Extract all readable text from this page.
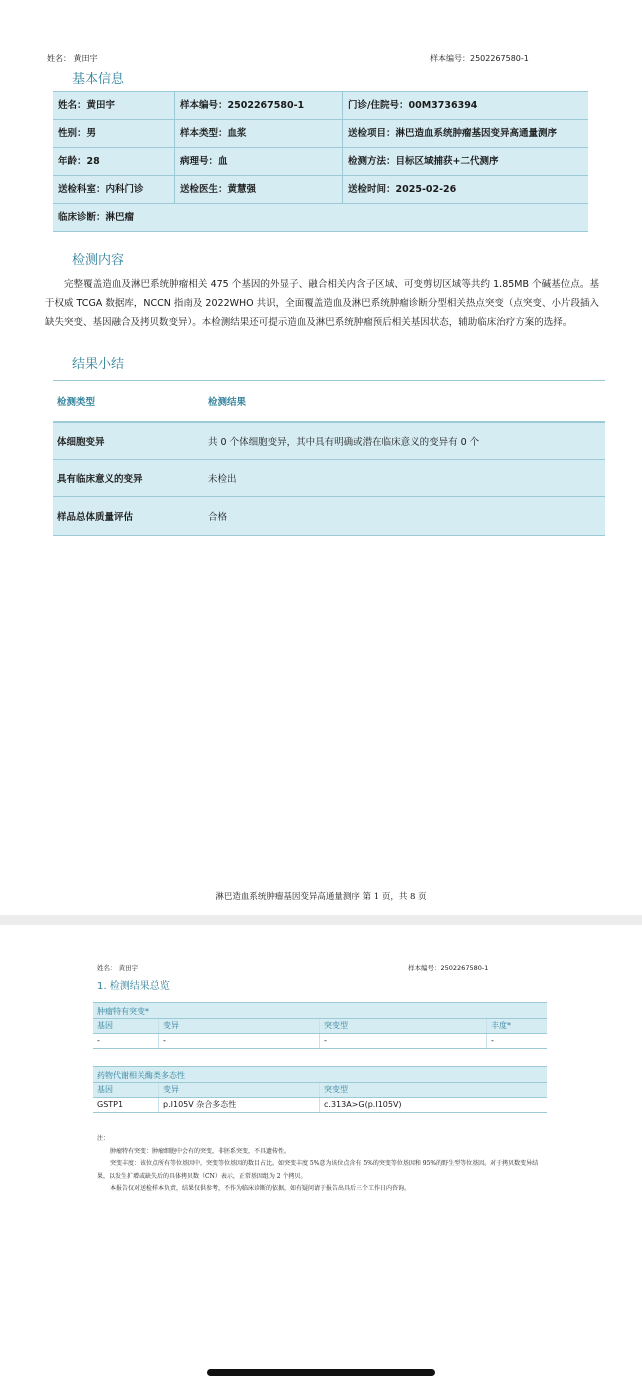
姓名： 黄田宇	样本编号：2502267580-1
基本信息
姓名：黄田宇	样本编号：2502267580-1	门诊/住院号：00M3736394
性别：男	样本类型：血浆	送检项目：淋巴造血系统肿瘤基因变异高通量测序
年龄：28	病理号：血	检测方法：目标区域捕获+二代测序
送检科室：内科门诊	送检医生：黄慧强	送检时间：2025-02-26
临床诊断：淋巴瘤
检测内容

完整覆盖造血及淋巴系统肿瘤相关 475 个基因的外显子、融合相关内含子区域、可变剪切区域等共约 1.85MB 个碱基位点。基于权威 TCGA 数据库，NCCN 指南及 2022WHO 共识，全面覆盖造血及淋巴系统肿瘤诊断分型相关热点突变（点突变、小片段插入缺失突变、基因融合及拷贝数变异）。本检测结果还可提示造血及淋巴系统肿瘤预后相关基因状态，辅助临床治疗方案的选择。

结果小结
检测类型	检测结果
体细胞变异	共 0 个体细胞变异，其中具有明确或潜在临床意义的变异有 0 个
具有临床意义的变异	未检出
样品总体质量评估	合格
淋巴造血系统肿瘤基因变异高通量测序 第 1 页，共 8 页
姓名： 黄田宇	样本编号：2502267580-1
1. 检测结果总览
肿瘤特有突变*
基因	变异	突变型	丰度*
-	-	-	-
药物代谢相关酶类多态性
基因	变异	突变型
GSTP1	p.I105V 杂合多态性	c.313A>G(p.I105V)

注：

肿瘤特有突变：肿瘤细胞中会有的突变，非胚系突变，不具遗传性。

突变丰度：该位点所有等位基因中，突变等位基因的数目占比。如突变丰度 5%意为该位点含有 5%的突变等位基因和 95%的野生型等位基因。对于拷贝数变异结果，以发生扩增或缺失后的具体拷贝数（CN）表示，正常基因组为 2 个拷贝。

本报告仅对送检样本负责，结果仅供参考，不作为临床诊断的依据，如有疑问请于报告出具后三个工作日内咨询。
